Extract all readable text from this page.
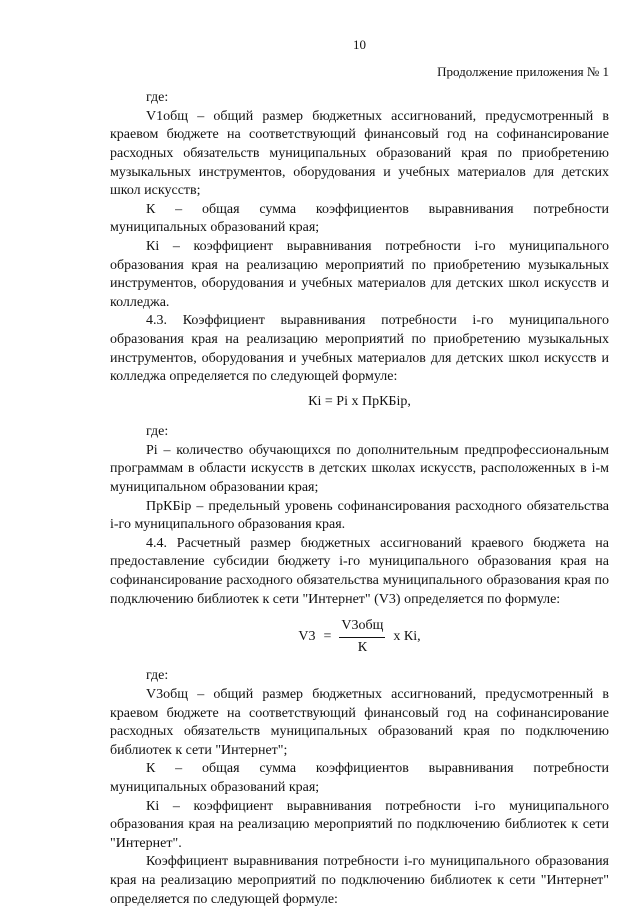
10
Продолжение приложения № 1

где:

V1общ – общий размер бюджетных ассигнований, предусмотренный в краевом бюджете на соответствующий финансовый год на софинансирование расходных обязательств муниципальных образований края по приобретению музыкальных инструментов, оборудования и учебных материалов для детских школ искусств;

К – общая сумма коэффициентов выравнивания потребности муниципальных образований края;

Кi – коэффициент выравнивания потребности i-го муниципального образования края на реализацию мероприятий по приобретению музыкальных инструментов, оборудования и учебных материалов для детских школ искусств и колледжа.

4.3. Коэффициент выравнивания потребности i-го муниципального образования края на реализацию мероприятий по приобретению музыкальных инструментов, оборудования и учебных материалов для детских школ искусств и колледжа определяется по следующей формуле:

Кi = Рi х ПрКБiр,

где:

Рi – количество обучающихся по дополнительным предпрофессиональным программам в области искусств в детских школах искусств, расположенных в i-м муниципальном образовании края;

ПрКБiр – предельный уровень софинансирования расходного обязательства i-го муниципального образования края.

4.4. Расчетный размер бюджетных ассигнований краевого бюджета на предоставление субсидии бюджету i-го муниципального образования края на софинансирование расходного обязательства муниципального образования края по подключению библиотек к сети "Интернет" (V3) определяется по формуле:

$V3 = \frac{\text{V3общ}}{К}$ х Кi,

где:

V3общ – общий размер бюджетных ассигнований, предусмотренный в краевом бюджете на соответствующий финансовый год на софинансирование расходных обязательств муниципальных образований края по подключению библиотек к сети "Интернет";

К – общая сумма коэффициентов выравнивания потребности муниципальных образований края;

Кi – коэффициент выравнивания потребности i-го муниципального образования края на реализацию мероприятий по подключению библиотек к сети "Интернет".

Коэффициент выравнивания потребности i-го муниципального образования края на реализацию мероприятий по подключению библиотек к сети "Интернет" определяется по следующей формуле:
